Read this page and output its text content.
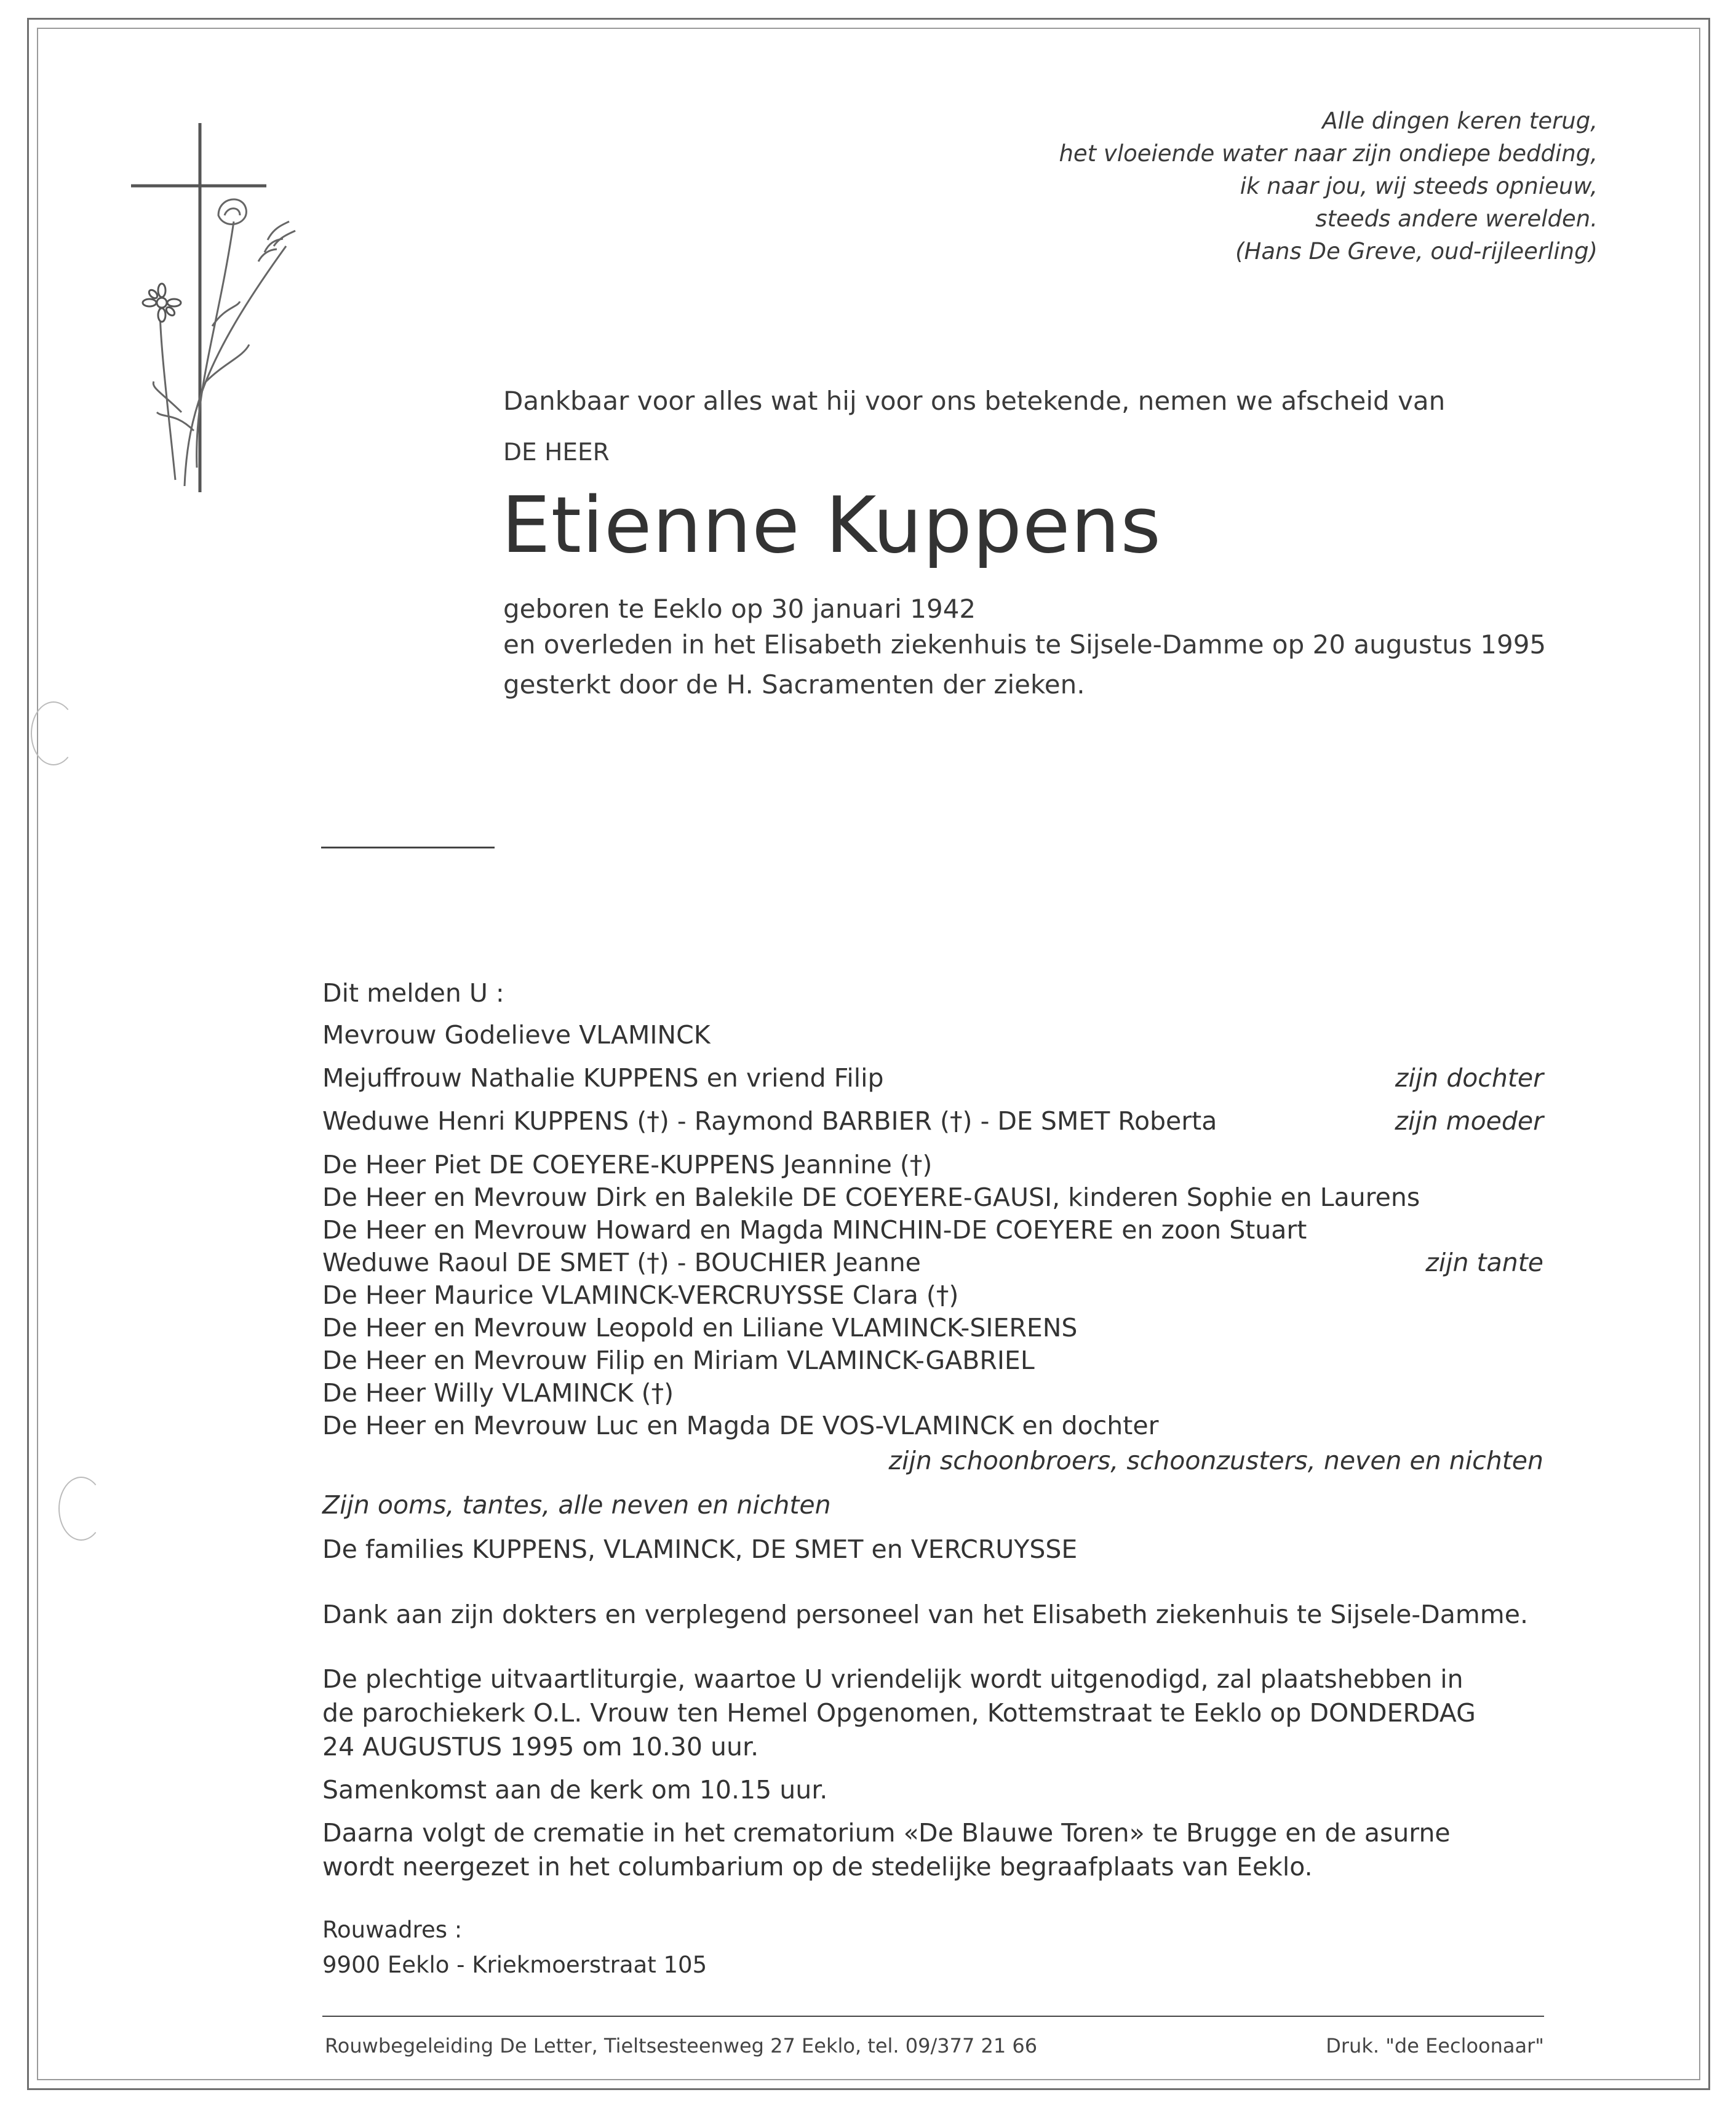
Alle dingen keren terug,
het vloeiende water naar zijn ondiepe bedding,
ik naar jou, wij steeds opnieuw,
steeds andere werelden.
(Hans De Greve, oud-rijleerling)
Dankbaar voor alles wat hij voor ons betekende, nemen we afscheid van
DE HEER
Etienne Kuppens
geboren te Eeklo op 30 januari 1942
en overleden in het Elisabeth ziekenhuis te Sijsele-Damme op 20 augustus 1995
gesterkt door de H. Sacramenten der zieken.
Dit melden U :
Mevrouw Godelieve VLAMINCK
Mejuffrouw Nathalie KUPPENS en vriend Filip	zijn dochter
Weduwe Henri KUPPENS (†) - Raymond BARBIER (†) - DE SMET Roberta	zijn moeder
De Heer Piet DE COEYERE-KUPPENS Jeannine (†)
De Heer en Mevrouw Dirk en Balekile DE COEYERE-GAUSI, kinderen Sophie en Laurens
De Heer en Mevrouw Howard en Magda MINCHIN-DE COEYERE en zoon Stuart
Weduwe Raoul DE SMET (†) - BOUCHIER Jeanne	zijn tante
De Heer Maurice VLAMINCK-VERCRUYSSE Clara (†)
De Heer en Mevrouw Leopold en Liliane VLAMINCK-SIERENS
De Heer en Mevrouw Filip en Miriam VLAMINCK-GABRIEL
De Heer Willy VLAMINCK (†)
De Heer en Mevrouw Luc en Magda DE VOS-VLAMINCK en dochter
zijn schoonbroers, schoonzusters, neven en nichten
Zijn ooms, tantes, alle neven en nichten
De families KUPPENS, VLAMINCK, DE SMET en VERCRUYSSE
Dank aan zijn dokters en verplegend personeel van het Elisabeth ziekenhuis te Sijsele-Damme.
De plechtige uitvaartliturgie, waartoe U vriendelijk wordt uitgenodigd, zal plaatshebben in
de parochiekerk O.L. Vrouw ten Hemel Opgenomen, Kottemstraat te Eeklo op DONDERDAG
24 AUGUSTUS 1995 om 10.30 uur.
Samenkomst aan de kerk om 10.15 uur.
Daarna volgt de crematie in het crematorium «De Blauwe Toren» te Brugge en de asurne
wordt neergezet in het columbarium op de stedelijke begraafplaats van Eeklo.
Rouwadres :
9900 Eeklo - Kriekmoerstraat 105
Rouwbegeleiding De Letter, Tieltsesteenweg 27 Eeklo, tel. 09/377 21 66	Druk. "de Eecloonaar"
